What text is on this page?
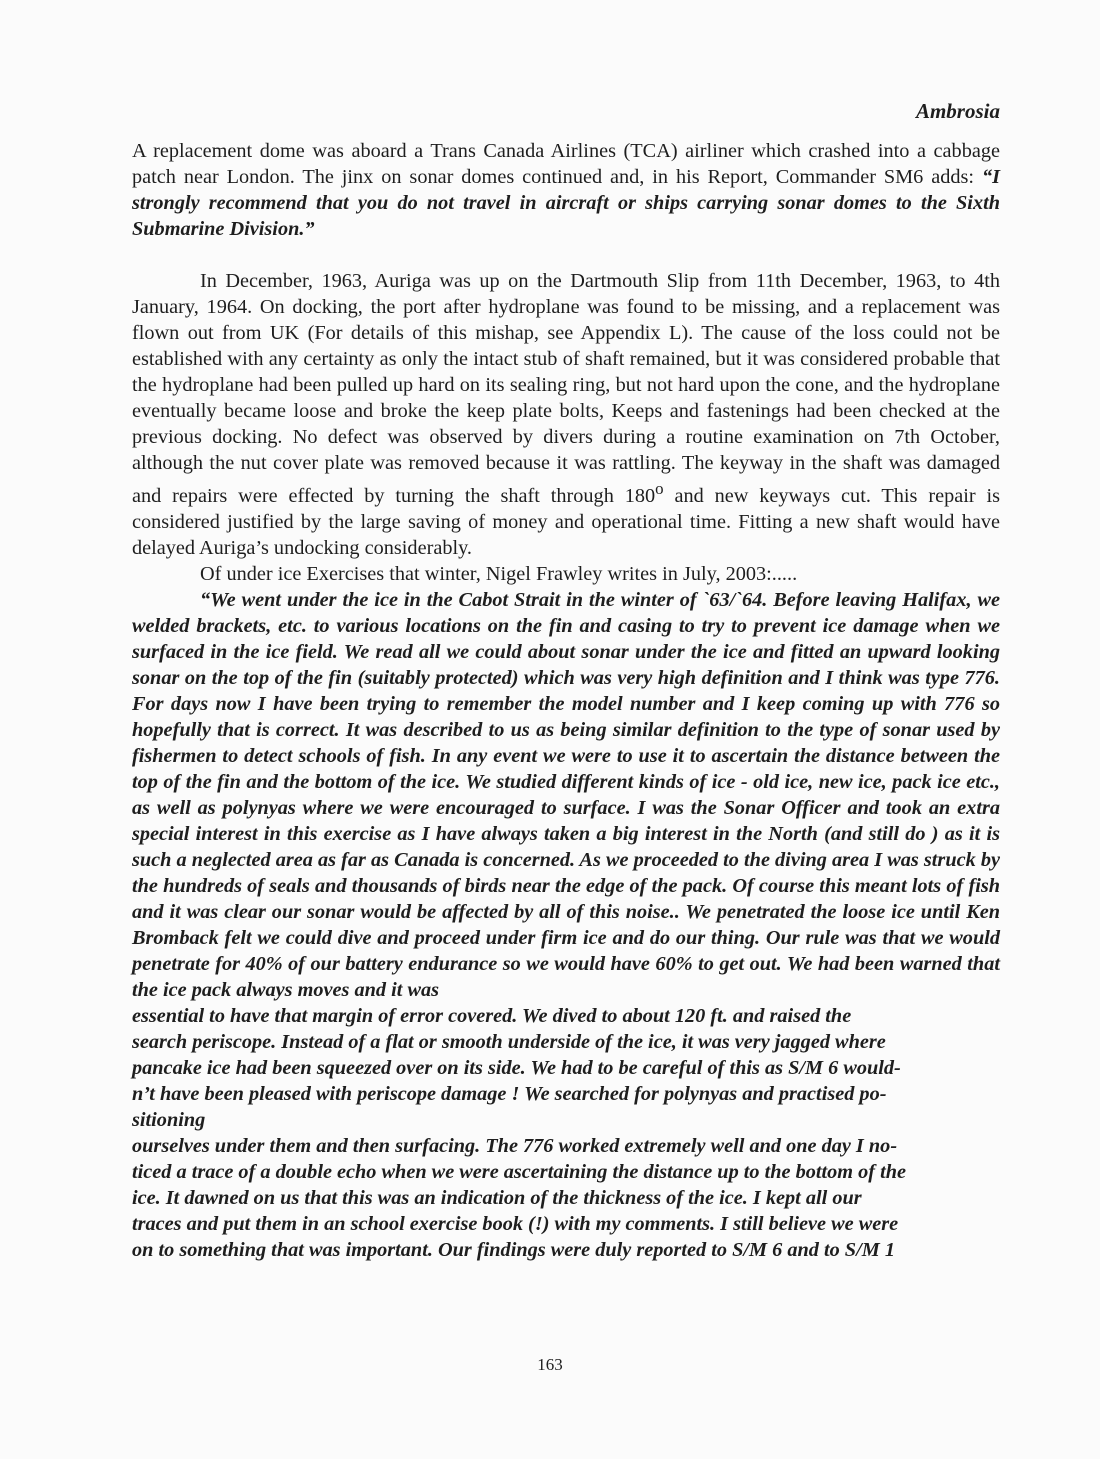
Ambrosia

A replacement dome was aboard a Trans Canada Airlines (TCA) airliner which crashed into a cabbage patch near London. The jinx on sonar domes continued and, in his Report, Commander SM6 adds: “I strongly recommend that you do not travel in aircraft or ships carrying sonar domes to the Sixth Submarine Division.”

In December, 1963, Auriga was up on the Dartmouth Slip from 11th December, 1963, to 4th January, 1964. On docking, the port after hydroplane was found to be missing, and a replacement was flown out from UK (For details of this mishap, see Appendix L). The cause of the loss could not be established with any certainty as only the intact stub of shaft remained, but it was considered probable that the hydroplane had been pulled up hard on its sealing ring, but not hard upon the cone, and the hydroplane eventually became loose and broke the keep plate bolts, Keeps and fastenings had been checked at the previous docking. No defect was observed by divers during a routine examination on 7th October, although the nut cover plate was removed because it was rattling. The keyway in the shaft was damaged and repairs were effected by turning the shaft through 180$^o$ and new keyways cut. This repair is considered justified by the large saving of money and operational time. Fitting a new shaft would have delayed Auriga’s undocking considerably.

Of under ice Exercises that winter, Nigel Frawley writes in July, 2003:.....

“We went under the ice in the Cabot Strait in the winter of `63/`64. Before leaving Halifax, we welded brackets, etc. to various locations on the fin and casing to try to prevent ice damage when we surfaced in the ice field. We read all we could about sonar under the ice and fitted an upward looking sonar on the top of the fin (suitably protected) which was very high definition and I think was type 776. For days now I have been trying to remember the model number and I keep coming up with 776 so hopefully that is correct. It was described to us as being similar definition to the type of sonar used by fishermen to detect schools of fish. In any event we were to use it to ascertain the distance between the top of the fin and the bottom of the ice. We studied different kinds of ice - old ice, new ice, pack ice etc., as well as polynyas where we were encouraged to surface. I was the Sonar Officer and took an extra special interest in this exercise as I have always taken a big interest in the North (and still do ) as it is such a neglected area as far as Canada is concerned. As we proceeded to the diving area I was struck by the hundreds of seals and thousands of birds near the edge of the pack. Of course this meant lots of fish and it was clear our sonar would be affected by all of this noise.. We penetrated the loose ice until Ken Bromback felt we could dive and proceed under firm ice and do our thing. Our rule was that we would penetrate for 40% of our battery endurance so we would have 60% to get out. We had been warned that the ice pack always moves and it was

essential to have that margin of error covered. We dived to about 120 ft. and raised the

search periscope. Instead of a flat or smooth underside of the ice, it was very jagged where

pancake ice had been squeezed over on its side. We had to be careful of this as S/M 6 would-

n’t have been pleased with periscope damage ! We searched for polynyas and practised po-

sitioning

ourselves under them and then surfacing. The 776 worked extremely well and one day I no-

ticed a trace of a double echo when we were ascertaining the distance up to the bottom of the

ice. It dawned on us that this was an indication of the thickness of the ice. I kept all our

traces and put them in an school exercise book (!) with my comments. I still believe we were

on to something that was important. Our findings were duly reported to S/M 6 and to S/M 1

163
